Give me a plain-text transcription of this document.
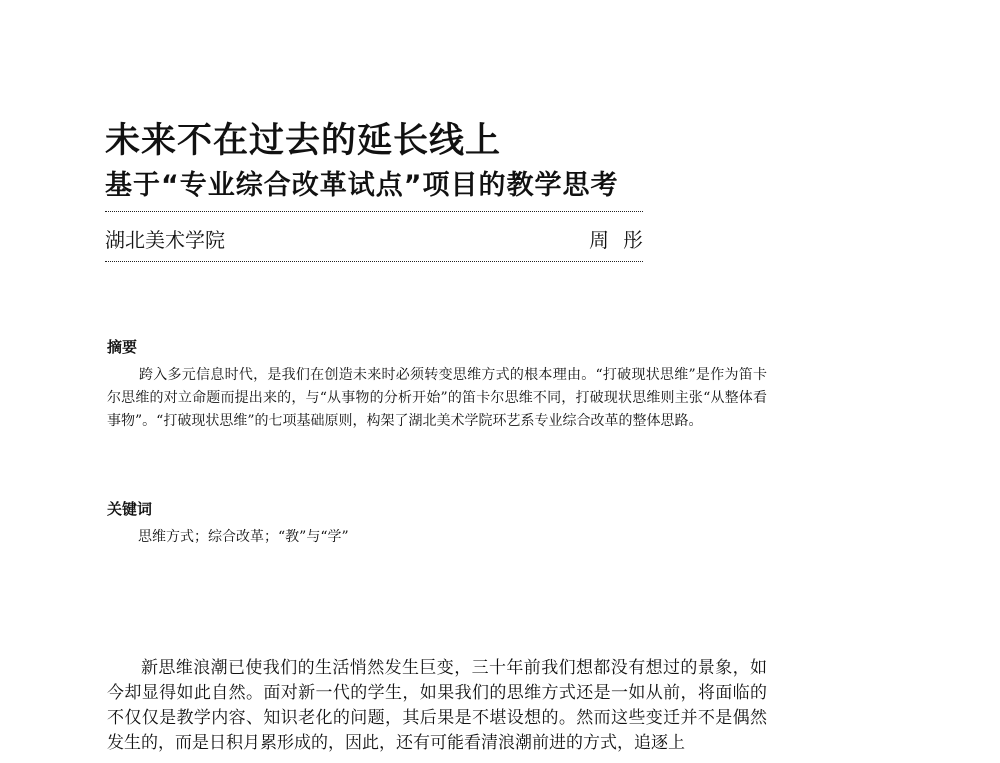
未来不在过去的延长线上
基于“专业综合改革试点”项目的教学思考
湖北美术学院	周彤
摘要

跨入多元信息时代，是我们在创造未来时必须转变思维方式的根本理由。“打破现状思维”是作为笛卡尔思维的对立命题而提出来的，与“从事物的分析开始”的笛卡尔思维不同，打破现状思维则主张“从整体看事物”。“打破现状思维”的七项基础原则，构架了湖北美术学院环艺系专业综合改革的整体思路。

关键词

思维方式；综合改革；“教”与“学”

新思维浪潮已使我们的生活悄然发生巨变，三十年前我们想都没有想过的景象，如今却显得如此自然。面对新一代的学生，如果我们的思维方式还是一如从前，将面临的不仅仅是教学内容、知识老化的问题，其后果是不堪设想的。然而这些变迁并不是偶然发生的，而是日积月累形成的，因此，还有可能看清浪潮前进的方式，追逐上
